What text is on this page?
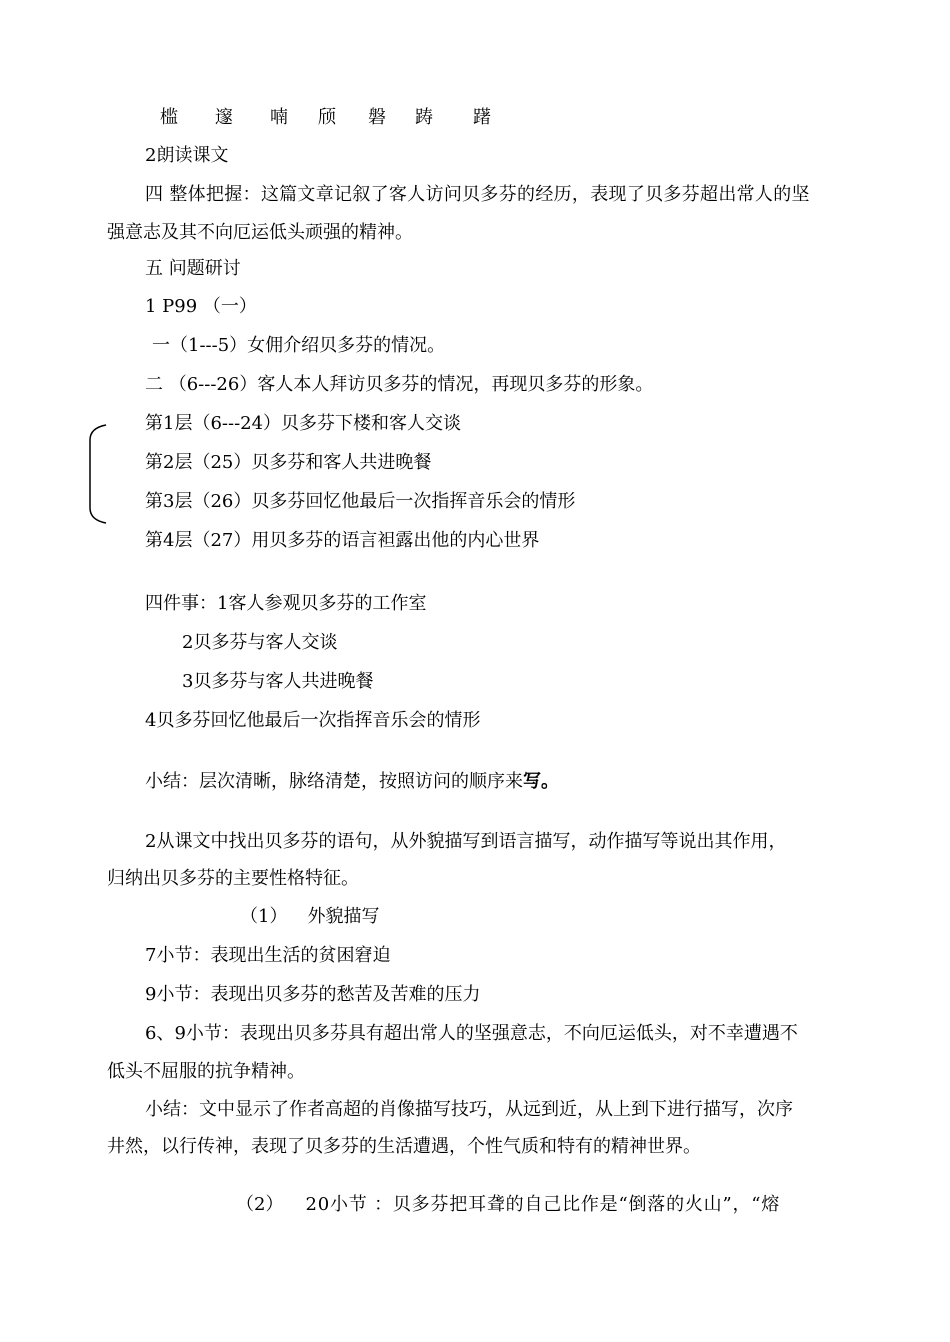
槛 邃 喃 颀 磐 踌 躇
2朗读课文
四 整体把握：这篇文章记叙了客人访问贝多芬的经历，表现了贝多芬超出常人的坚
强意志及其不向厄运低头顽强的精神。
五 问题研讨
1 P99 （一）
一（1---5）女佣介绍贝多芬的情况。
二 （6---26）客人本人拜访贝多芬的情况，再现贝多芬的形象。
第1层（6---24）贝多芬下楼和客人交谈
第2层（25）贝多芬和客人共进晚餐
第3层（26）贝多芬回忆他最后一次指挥音乐会的情形
第4层（27）用贝多芬的语言袒露出他的内心世界
四件事：1客人参观贝多芬的工作室
2贝多芬与客人交谈
3贝多芬与客人共进晚餐
4贝多芬回忆他最后一次指挥音乐会的情形
小结：层次清晰，脉络清楚，按照访问的顺序来写。
2从课文中找出贝多芬的语句，从外貌描写到语言描写，动作描写等说出其作用，
归纳出贝多芬的主要性格特征。
（1） 外貌描写
7小节：表现出生活的贫困窘迫
9小节：表现出贝多芬的愁苦及苦难的压力
6、9小节：表现出贝多芬具有超出常人的坚强意志，不向厄运低头，对不幸遭遇不
低头不屈服的抗争精神。
小结：文中显示了作者高超的肖像描写技巧，从远到近，从上到下进行描写，次序
井然，以行传神，表现了贝多芬的生活遭遇，个性气质和特有的精神世界。
（2） 20小节 ：贝多芬把耳聋的自己比作是“倒落的火山”，“熔
